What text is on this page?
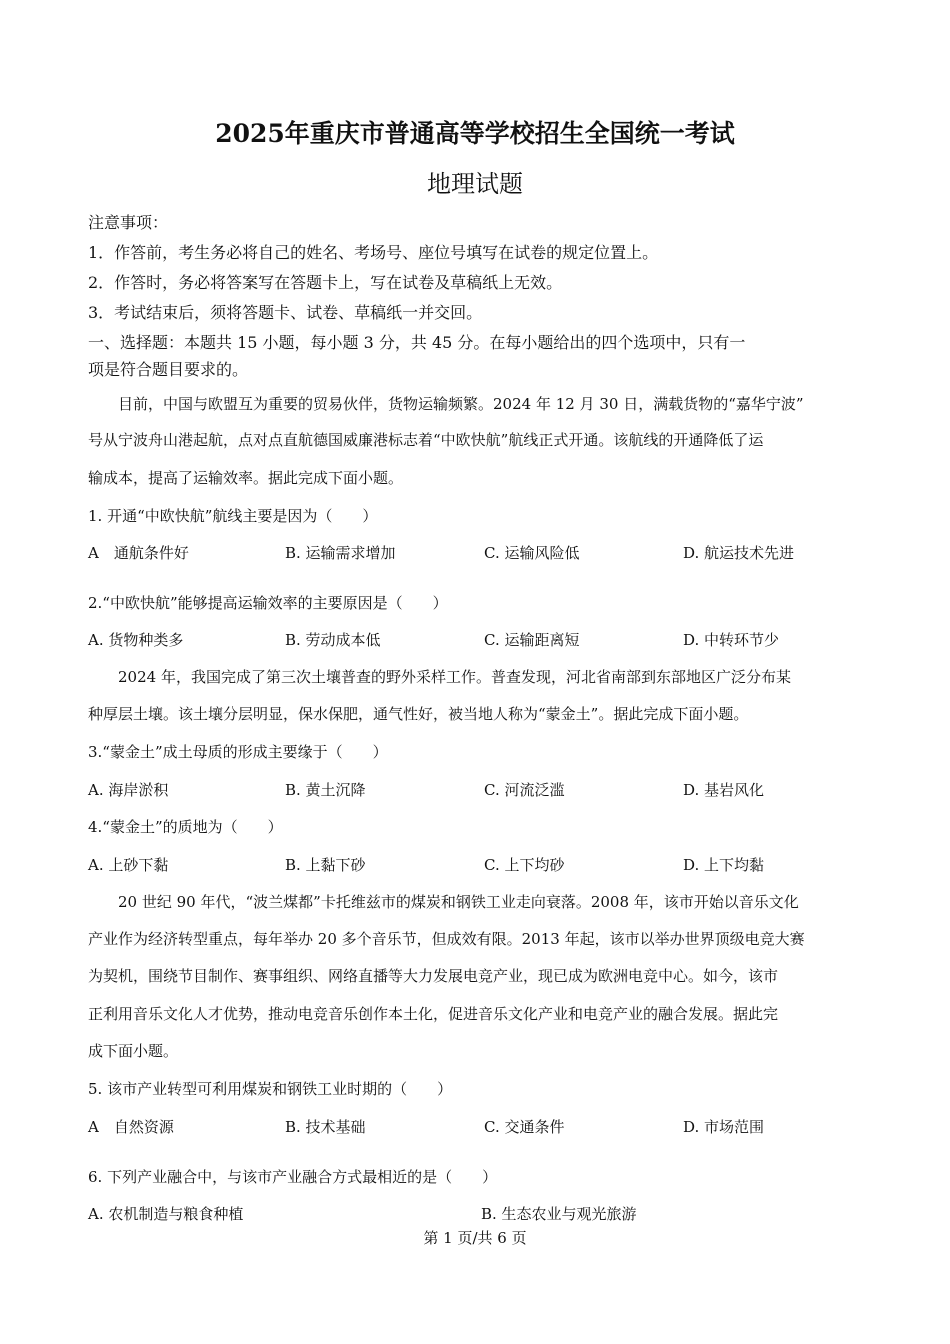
2025年重庆市普通高等学校招生全国统一考试
地理试题
注意事项：
1．作答前，考生务必将自己的姓名、考场号、座位号填写在试卷的规定位置上。
2．作答时，务必将答案写在答题卡上，写在试卷及草稿纸上无效。
3．考试结束后，须将答题卡、试卷、草稿纸一并交回。
一、选择题：本题共 15 小题，每小题 3 分，共 45 分。在每小题给出的四个选项中，只有一
项是符合题目要求的。
目前，中国与欧盟互为重要的贸易伙伴，货物运输频繁。2024 年 12 月 30 日，满载货物的“嘉华宁波”
号从宁波舟山港起航，点对点直航德国威廉港标志着“中欧快航”航线正式开通。该航线的开通降低了运
输成本，提高了运输效率。据此完成下面小题。
1. 开通“中欧快航”航线主要是因为（　　）
A　通航条件好	B. 运输需求增加	C. 运输风险低	D. 航运技术先进
2.“中欧快航”能够提高运输效率的主要原因是（　　）
A. 货物种类多	B. 劳动成本低	C. 运输距离短	D. 中转环节少
2024 年，我国完成了第三次土壤普查的野外采样工作。普查发现，河北省南部到东部地区广泛分布某
种厚层土壤。该土壤分层明显，保水保肥，通气性好，被当地人称为“蒙金土”。据此完成下面小题。
3.“蒙金土”成土母质的形成主要缘于（　　）
A. 海岸淤积	B. 黄土沉降	C. 河流泛滥	D. 基岩风化
4.“蒙金土”的质地为（　　）
A. 上砂下黏	B. 上黏下砂	C. 上下均砂	D. 上下均黏
20 世纪 90 年代，“波兰煤都”卡托维兹市的煤炭和钢铁工业走向衰落。2008 年，该市开始以音乐文化
产业作为经济转型重点，每年举办 20 多个音乐节，但成效有限。2013 年起，该市以举办世界顶级电竞大赛
为契机，围绕节目制作、赛事组织、网络直播等大力发展电竞产业，现已成为欧洲电竞中心。如今，该市
正利用音乐文化人才优势，推动电竞音乐创作本土化，促进音乐文化产业和电竞产业的融合发展。据此完
成下面小题。
5. 该市产业转型可利用煤炭和钢铁工业时期的（　　）
A　自然资源	B. 技术基础	C. 交通条件	D. 市场范围
6. 下列产业融合中，与该市产业融合方式最相近的是（　　）
A. 农机制造与粮食种植	B. 生态农业与观光旅游
第 1 页/共 6 页
